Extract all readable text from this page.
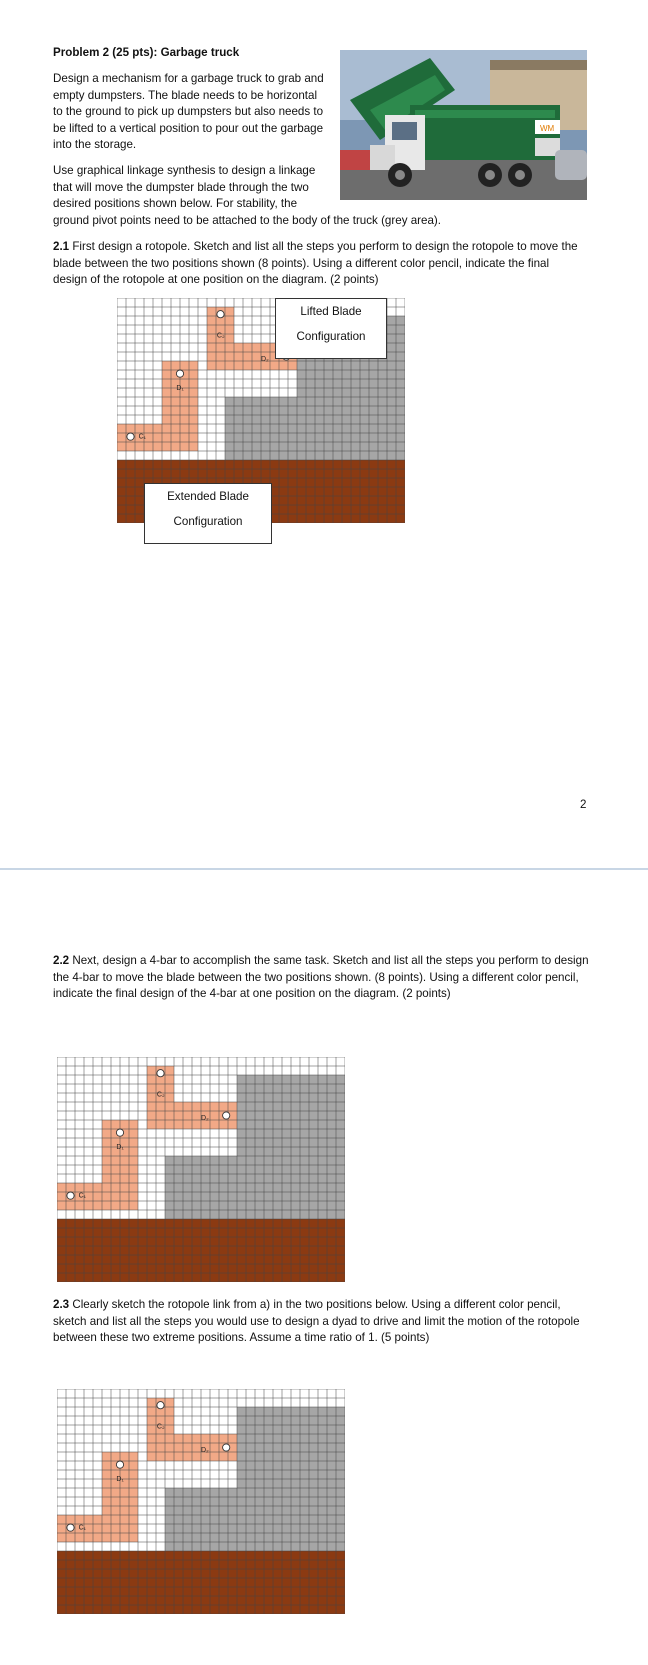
Problem 2 (25 pts): Garbage truck
Design a mechanism for a garbage truck to grab and
empty dumpsters. The blade needs to be horizontal
to the ground to pick up dumpsters but also needs to
be lifted to a vertical position to pour out the garbage
into the storage.
Use graphical linkage synthesis to design a linkage
that will move the dumpster blade through the two
desired positions shown below. For stability, the
ground pivot points need to be attached to the body of the truck (grey area).
WM
2.1 First design a rotopole. Sketch and list all the steps you perform to design the rotopole to move the
blade between the two positions shown (8 points). Using a different color pencil, indicate the final
design of the rotopole at one position on the diagram. (2 points)
C₁
D₁
C₂
D₂
Lifted Blade
Configuration
Extended Blade
Configuration
2
2.2 Next, design a 4-bar to accomplish the same task. Sketch and list all the steps you perform to design
the 4-bar to move the blade between the two positions shown. (8 points). Using a different color pencil,
indicate the final design of the 4-bar at one position on the diagram. (2 points)
C₁
D₁
C₂
D₂
2.3 Clearly sketch the rotopole link from a) in the two positions below. Using a different color pencil,
sketch and list all the steps you would use to design a dyad to drive and limit the motion of the rotopole
between these two extreme positions. Assume a time ratio of 1. (5 points)
C₁
D₁
C₂
D₂
